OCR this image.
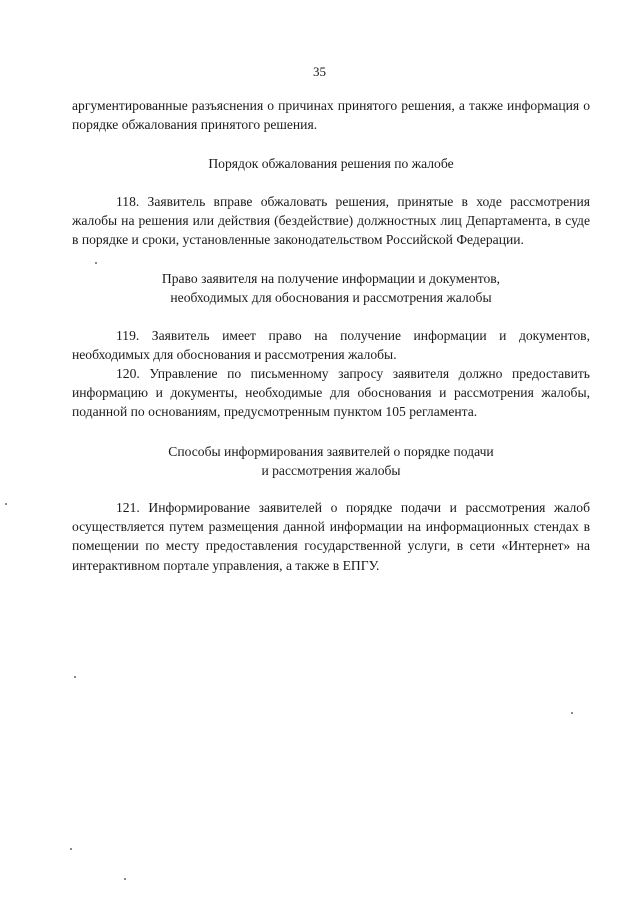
35

аргументированные разъяснения о причинах принятого решения, а также информация о порядке обжалования принятого решения.

Порядок обжалования решения по жалобе

118. Заявитель вправе обжаловать решения, принятые в ходе рассмотрения жалобы на решения или действия (бездействие) должностных лиц Департамента, в суде в порядке и сроки, установленные законодательством Российской Федерации.

Право заявителя на получение информации и документов,
необходимых для обоснования и рассмотрения жалобы

119. Заявитель имеет право на получение информации и документов, необходимых для обоснования и рассмотрения жалобы.

120. Управление по письменному запросу заявителя должно предоставить информацию и документы, необходимые для обоснования и рассмотрения жалобы, поданной по основаниям, предусмотренным пунктом 105 регламента.

Способы информирования заявителей о порядке подачи
и рассмотрения жалобы

121. Информирование заявителей о порядке подачи и рассмотрения жалоб осуществляется путем размещения данной информации на информационных стендах в помещении по месту предоставления государственной услуги, в сети «Интернет» на интерактивном портале управления, а также в ЕПГУ.
